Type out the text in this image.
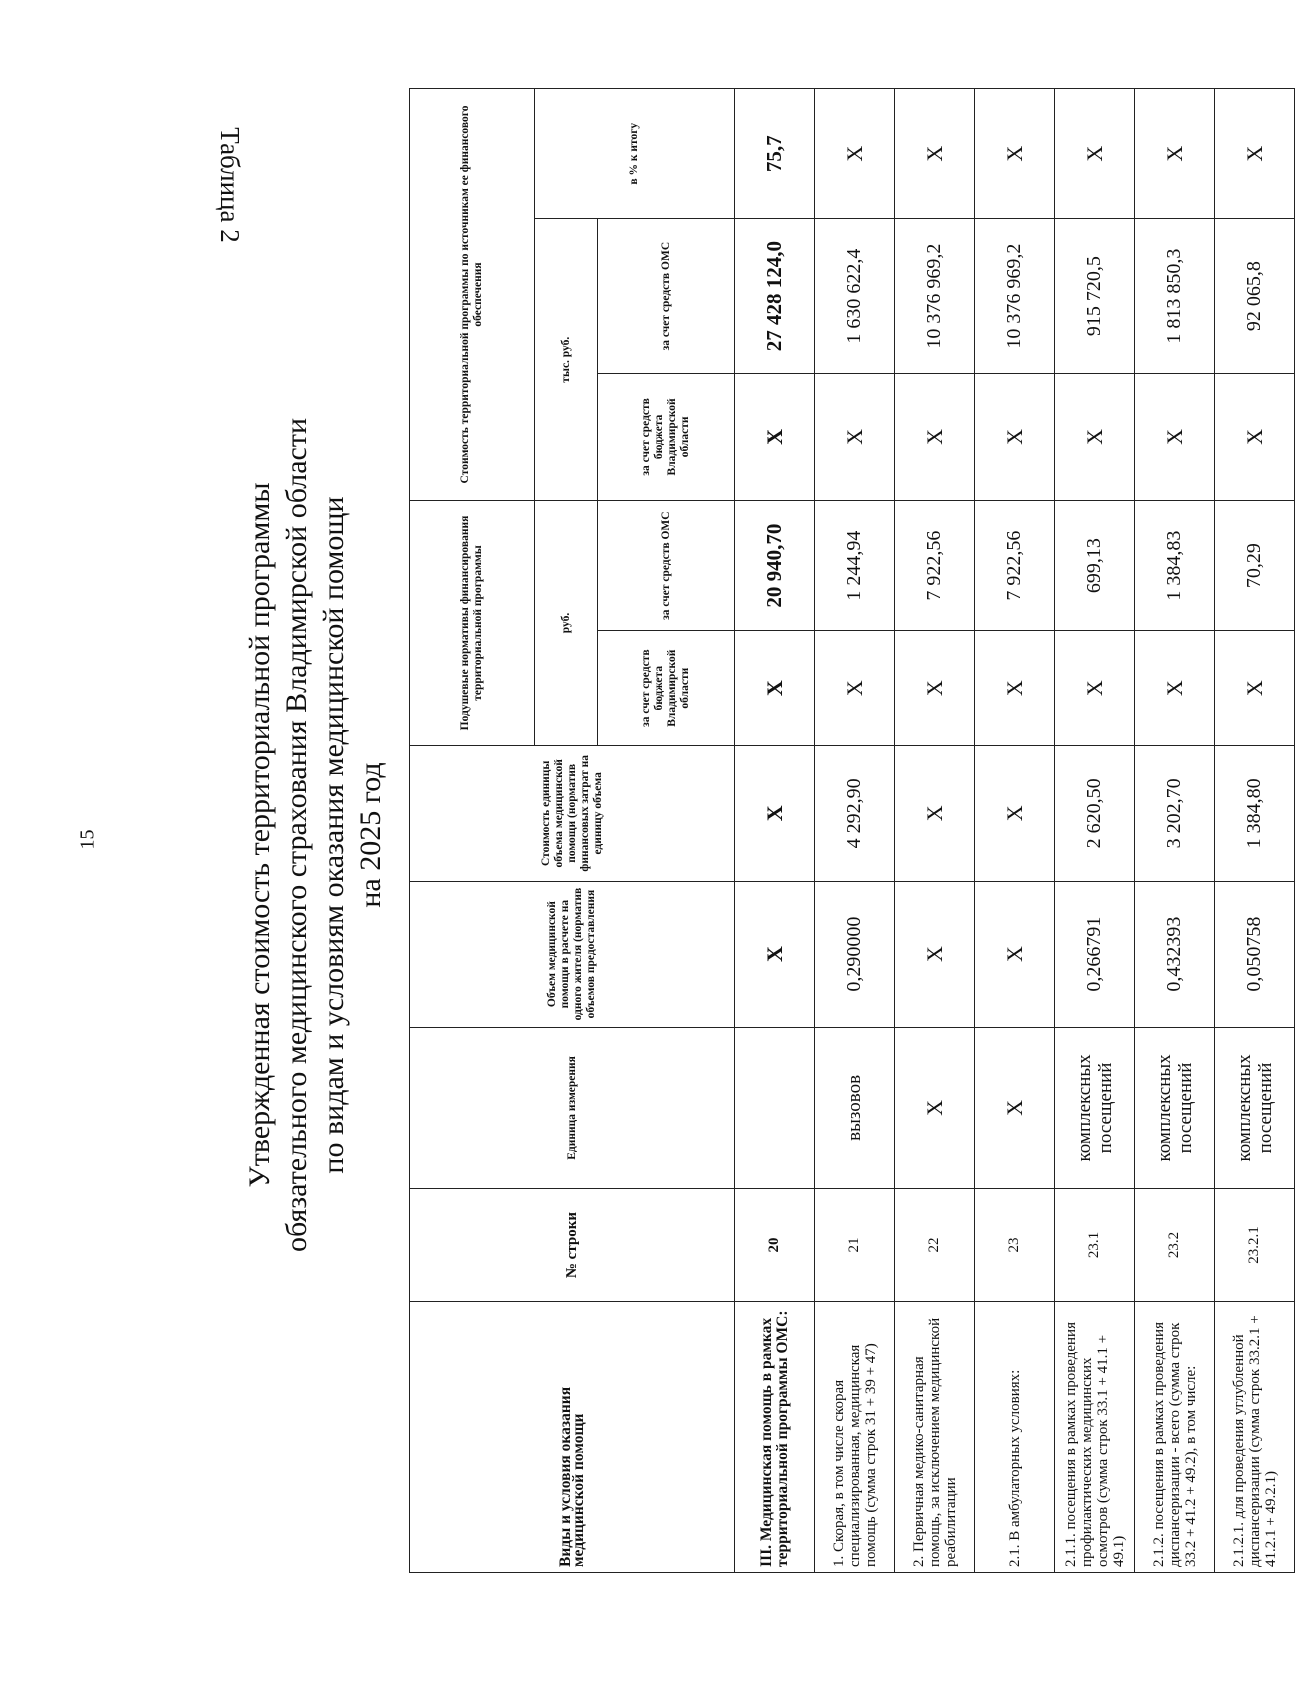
15
Таблица 2
Утвержденная стоимость территориальной программы обязательного медицинского страхования Владимирской области по видам и условиям оказания медицинской помощи на 2025 год
Виды и условия оказания медицинской помощи	№ строки	Единица измерения	Объем медицинской помощи в расчете на одного жителя (норматив объемов предоставления	Стоимость единицы объема медицинской помощи (норматив финансовых затрат на единицу объема	Подушевые нормативы финансирования территориальной программы		Стоимость территориальной программы по источникам ее финансового обеспечения		
					руб.		тыс. руб.		в % к итогу
					за счет средств бюджета Владимирской области	за счет средств ОМС	за счет средств бюджета Владимирской области	за счет средств ОМС	
III. Медицинская помощь в рамках территориальной программы ОМС:	20		Х	Х	Х	20 940,70	Х	27 428 124,0	75,7
1. Скорая, в том числе скорая специализированная, медицинская помощь (сумма строк 31 + 39 + 47)	21	вызовов	0,290000	4 292,90	Х	1 244,94	Х	1 630 622,4	Х
2. Первичная медико-санитарная помощь, за исключением медицинской реабилитации	22	Х	Х	Х	Х	7 922,56	Х	10 376 969,2	Х
2.1. В амбулаторных условиях:	23	Х	Х	Х	Х	7 922,56	Х	10 376 969,2	Х
2.1.1. посещения в рамках проведения профилактических медицинских осмотров (сумма строк 33.1 + 41.1 + 49.1)	23.1	комплексных посещений	0,266791	2 620,50	Х	699,13	Х	915 720,5	Х
2.1.2. посещения в рамках проведения диспансеризации - всего (сумма строк 33.2 + 41.2 + 49.2), в том числе:	23.2	комплексных посещений	0,432393	3 202,70	Х	1 384,83	Х	1 813 850,3	Х
2.1.2.1. для проведения углубленной диспансеризации (сумма строк 33.2.1 + 41.2.1 + 49.2.1)	23.2.1	комплексных посещений	0,050758	1 384,80	Х	70,29	Х	92 065,8	Х
